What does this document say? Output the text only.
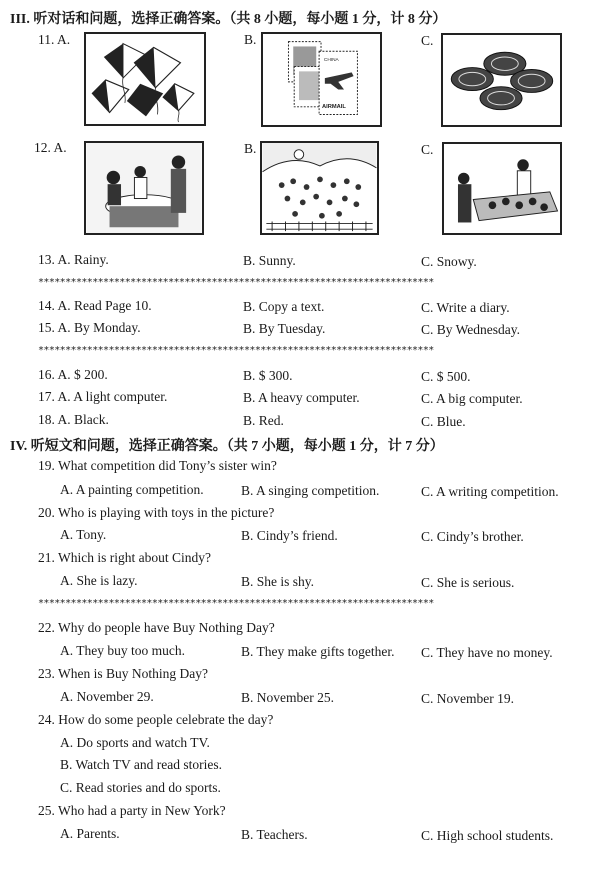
III. 听对话和问题，选择正确答案。（共 8 小题，每小题 1 分，计 8 分）
11. A.	B.	C.
CHINA
AIRMAIL
12. A.	B.	C.
13. A. Rainy.	B. Sunny.	C. Snowy.
*************************************************************************
14. A. Read Page 10.	B. Copy a text.	C. Write a diary.
15. A. By Monday.	B. By Tuesday.	C. By Wednesday.
*************************************************************************
16. A. $ 200.	B. $ 300.	C. $ 500.
17. A. A light computer.	B. A heavy computer.	C. A big computer.
18. A. Black.	B. Red.	C. Blue.
IV. 听短文和问题，选择正确答案。（共 7 小题，每小题 1 分，计 7 分）
19. What competition did Tony’s sister win?
A. A painting competition.	B. A singing competition.	C. A writing competition.
20. Who is playing with toys in the picture?
A. Tony.	B. Cindy’s friend.	C. Cindy’s brother.
21. Which is right about Cindy?
A. She is lazy.	B. She is shy.	C. She is serious.
*************************************************************************
22. Why do people have Buy Nothing Day?
A. They buy too much.	B. They make gifts together. C. They have no money.
23. When is Buy Nothing Day?
A. November 29.	B. November 25.	C. November 19.
24. How do some people celebrate the day?
A. Do sports and watch TV.
B. Watch TV and read stories.
C. Read stories and do sports.
25. Who had a party in New York?
A. Parents.	B. Teachers.	C. High school students.
